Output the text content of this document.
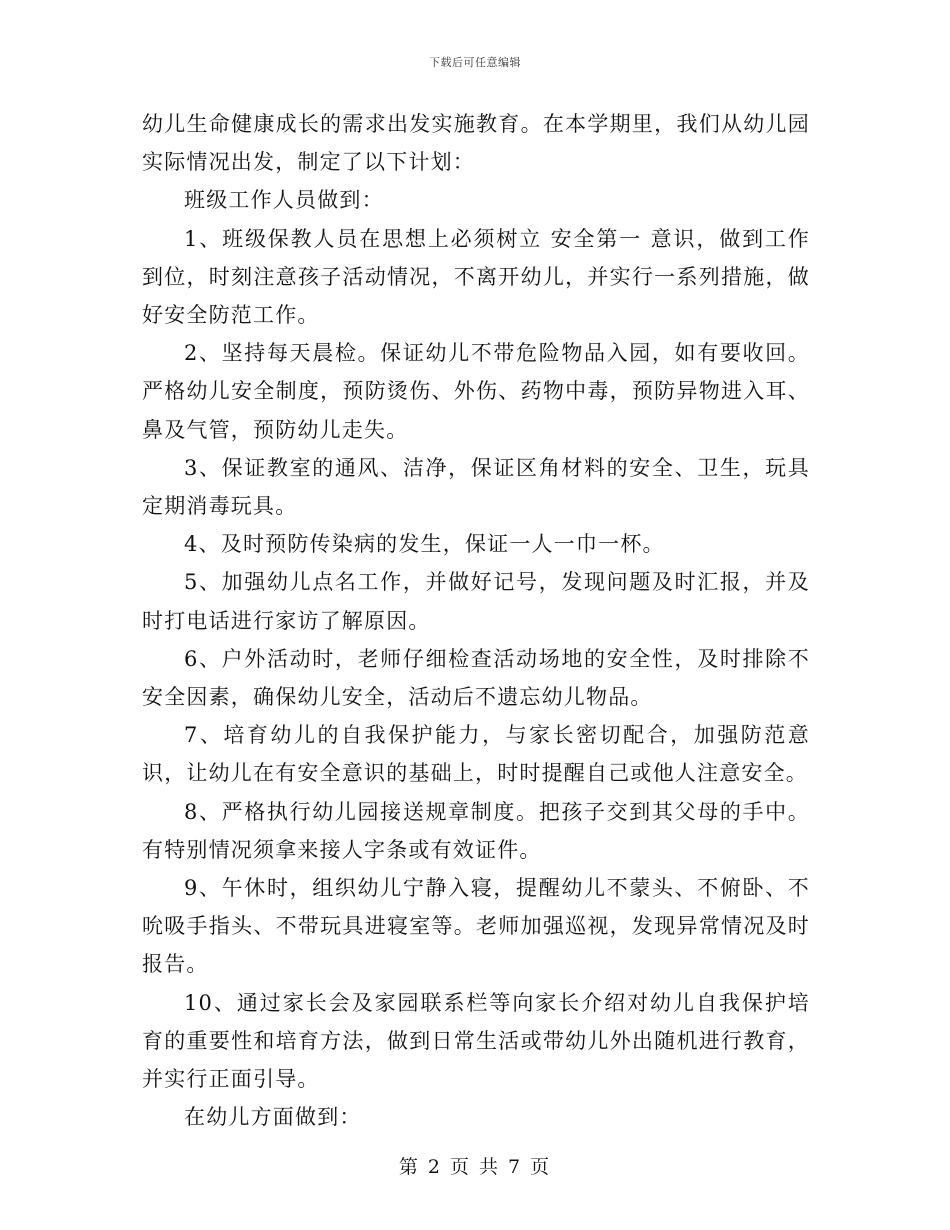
下载后可任意编辑

幼儿生命健康成长的需求出发实施教育。在本学期里，我们从幼儿园实际情况出发，制定了以下计划：

班级工作人员做到：

1、班级保教人员在思想上必须树立 安全第一 意识，做到工作到位，时刻注意孩子活动情况，不离开幼儿，并实行一系列措施，做好安全防范工作。

2、坚持每天晨检。保证幼儿不带危险物品入园，如有要收回。严格幼儿安全制度，预防烫伤、外伤、药物中毒，预防异物进入耳、鼻及气管，预防幼儿走失。

3、保证教室的通风、洁净，保证区角材料的安全、卫生，玩具定期消毒玩具。

4、及时预防传染病的发生，保证一人一巾一杯。

5、加强幼儿点名工作，并做好记号，发现问题及时汇报，并及时打电话进行家访了解原因。

6、户外活动时，老师仔细检查活动场地的安全性，及时排除不安全因素，确保幼儿安全，活动后不遗忘幼儿物品。

7、培育幼儿的自我保护能力，与家长密切配合，加强防范意识，让幼儿在有安全意识的基础上，时时提醒自己或他人注意安全。

8、严格执行幼儿园接送规章制度。把孩子交到其父母的手中。有特别情况须拿来接人字条或有效证件。

9、午休时，组织幼儿宁静入寝，提醒幼儿不蒙头、不俯卧、不吮吸手指头、不带玩具进寝室等。老师加强巡视，发现异常情况及时报告。

10、通过家长会及家园联系栏等向家长介绍对幼儿自我保护培育的重要性和培育方法，做到日常生活或带幼儿外出随机进行教育，并实行正面引导。

在幼儿方面做到：

第 2 页 共 7 页
